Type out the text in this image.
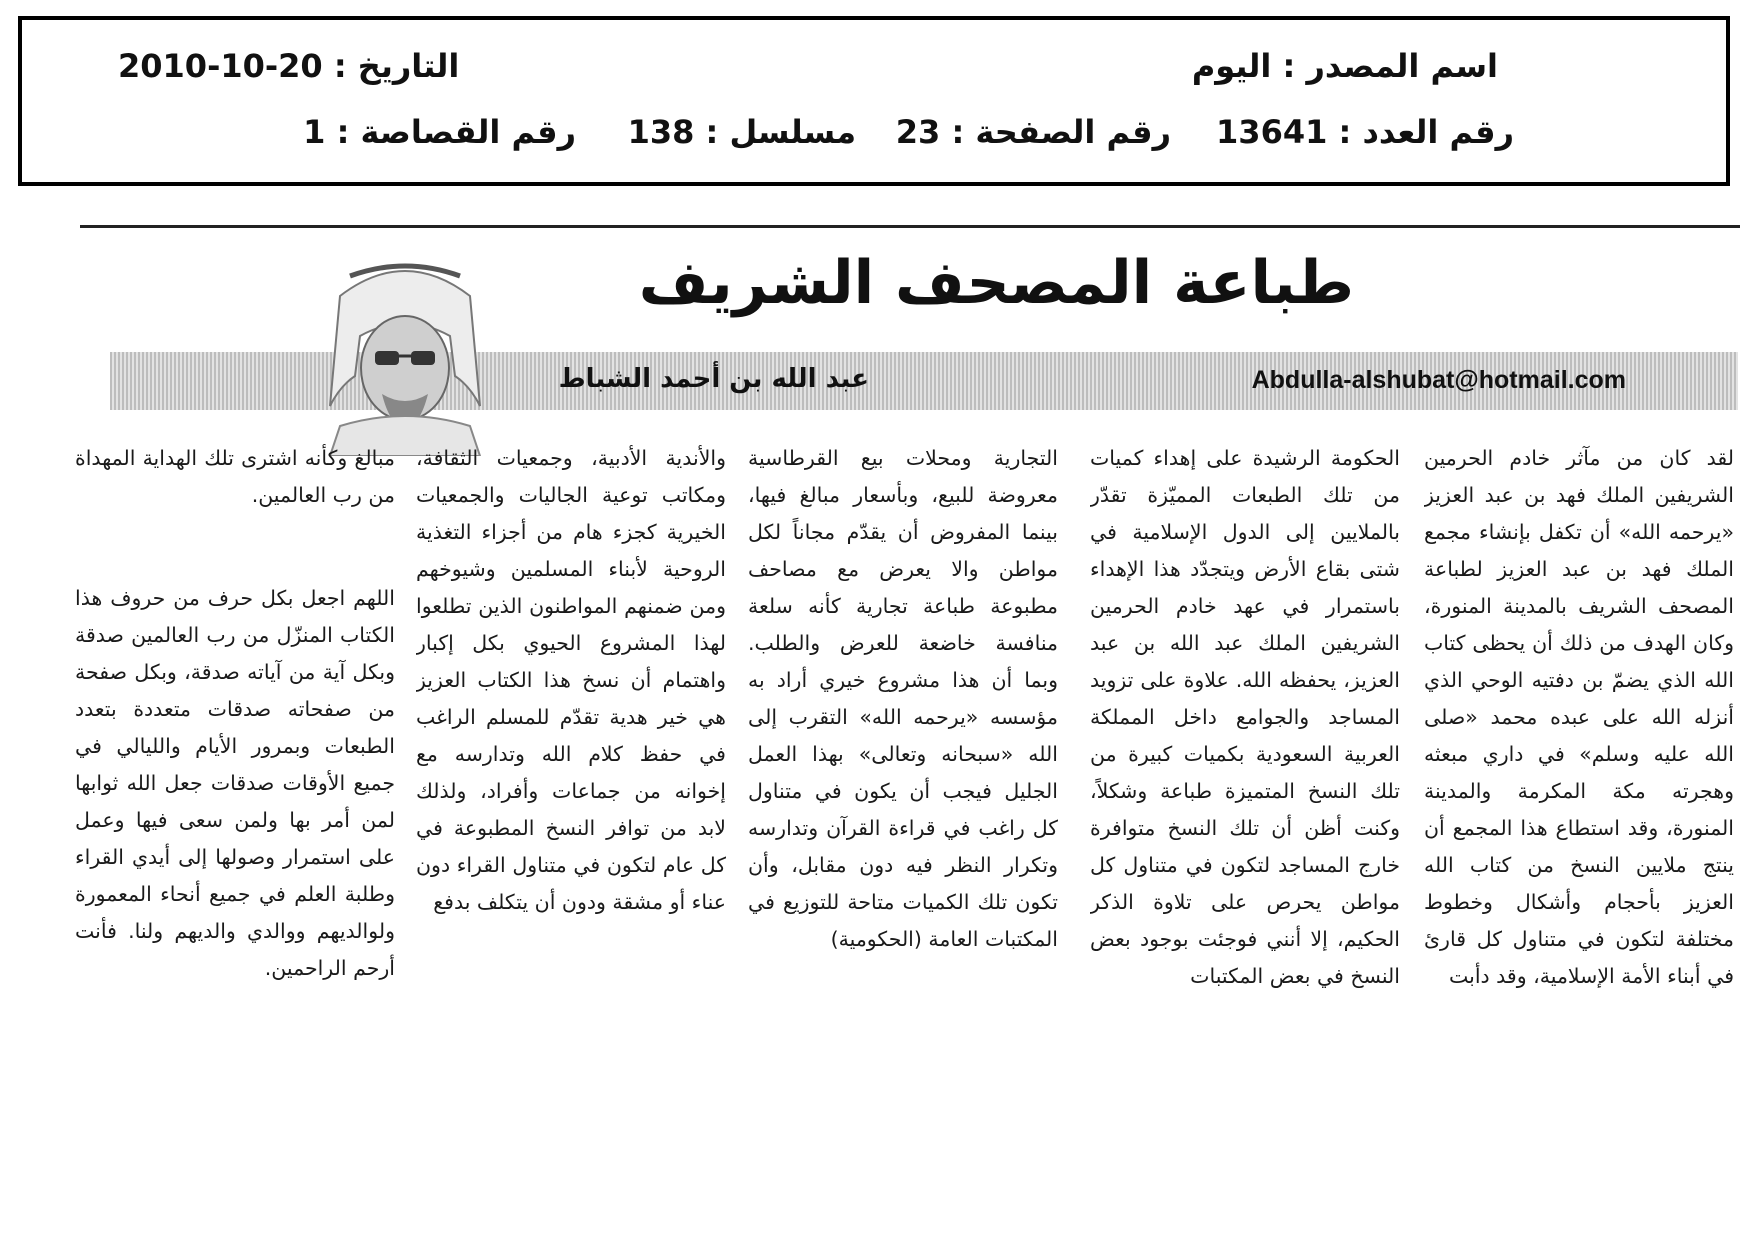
اسم المصدر : اليوم
التاريخ : 20-10-2010
رقم العدد : 13641
رقم الصفحة : 23
مسلسل : 138
رقم القصاصة : 1
طباعة المصحف الشريف
عبد الله بن أحمد الشباط	Abdulla-alshubat@hotmail.com

لقد كان من مآثر خادم الحرمين الشريفين الملك فهد بن عبد العزيز «يرحمه الله» أن تكفل بإنشاء مجمع الملك فهد بن عبد العزيز لطباعة المصحف الشريف بالمدينة المنورة، وكان الهدف من ذلك أن يحظى كتاب الله الذي يضمّ بن دفتيه الوحي الذي أنزله الله على عبده محمد «صلى الله عليه وسلم» في داري مبعثه وهجرته مكة المكرمة والمدينة المنورة، وقد استطاع هذا المجمع أن ينتج ملايين النسخ من كتاب الله العزيز بأحجام وأشكال وخطوط مختلفة لتكون في متناول كل قارئ في أبناء الأمة الإسلامية، وقد دأبت

الحكومة الرشيدة على إهداء كميات من تلك الطبعات المميّزة تقدّر بالملايين إلى الدول الإسلامية في شتى بقاع الأرض ويتجدّد هذا الإهداء باستمرار في عهد خادم الحرمين الشريفين الملك عبد الله بن عبد العزيز، يحفظه الله. علاوة على تزويد المساجد والجوامع داخل المملكة العربية السعودية بكميات كبيرة من تلك النسخ المتميزة طباعة وشكلاً، وكنت أظن أن تلك النسخ متوافرة خارج المساجد لتكون في متناول كل مواطن يحرص على تلاوة الذكر الحكيم، إلا أنني فوجئت بوجود بعض النسخ في بعض المكتبات

التجارية ومحلات بيع القرطاسية معروضة للبيع، وبأسعار مبالغ فيها، بينما المفروض أن يقدّم مجاناً لكل مواطن والا يعرض مع مصاحف مطبوعة طباعة تجارية كأنه سلعة منافسة خاضعة للعرض والطلب. وبما أن هذا مشروع خيري أراد به مؤسسه «يرحمه الله» التقرب إلى الله «سبحانه وتعالى» بهذا العمل الجليل فيجب أن يكون في متناول كل راغب في قراءة القرآن وتدارسه وتكرار النظر فيه دون مقابل، وأن تكون تلك الكميات متاحة للتوزيع في المكتبات العامة (الحكومية)

والأندية الأدبية، وجمعيات الثقافة، ومكاتب توعية الجاليات والجمعيات الخيرية كجزء هام من أجزاء التغذية الروحية لأبناء المسلمين وشيوخهم ومن ضمنهم المواطنون الذين تطلعوا لهذا المشروع الحيوي بكل إكبار واهتمام أن نسخ هذا الكتاب العزيز هي خير هدية تقدّم للمسلم الراغب في حفظ كلام الله وتدارسه مع إخوانه من جماعات وأفراد، ولذلك لابد من توافر النسخ المطبوعة في كل عام لتكون في متناول القراء دون عناء أو مشقة ودون أن يتكلف بدفع

مبالغ وكأنه اشترى تلك الهداية المهداة من رب العالمين.

اللهم اجعل بكل حرف من حروف هذا الكتاب المنزّل من رب العالمين صدقة وبكل آية من آياته صدقة، وبكل صفحة من صفحاته صدقات متعددة بتعدد الطبعات وبمرور الأيام والليالي في جميع الأوقات صدقات جعل الله ثوابها لمن أمر بها ولمن سعى فيها وعمل على استمرار وصولها إلى أيدي القراء وطلبة العلم في جميع أنحاء المعمورة ولوالديهم ووالدي والديهم ولنا. فأنت أرحم الراحمين.
